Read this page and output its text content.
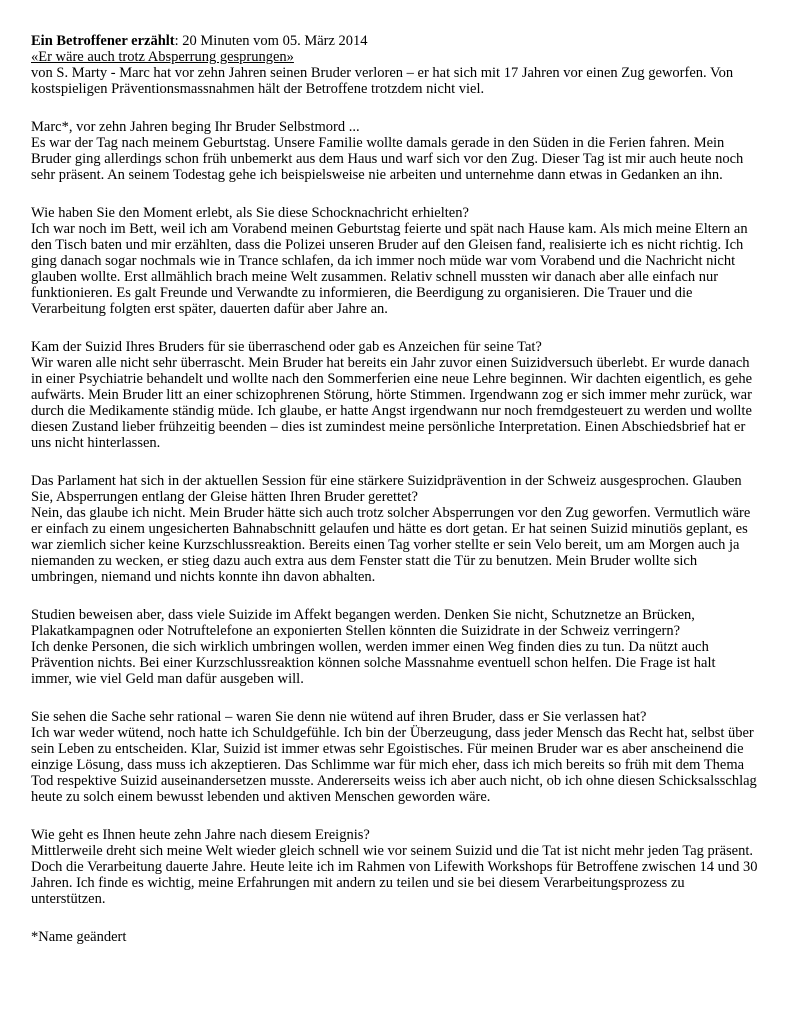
Ein Betroffener erzählt: 20 Minuten vom 05. März 2014

«Er wäre auch trotz Absperrung gesprungen»

von S. Marty - Marc hat vor zehn Jahren seinen Bruder verloren – er hat sich mit 17 Jahren vor einen Zug geworfen. Von kostspieligen Präventionsmassnahmen hält der Betroffene trotzdem nicht viel.

Marc*, vor zehn Jahren beging Ihr Bruder Selbstmord ...

Es war der Tag nach meinem Geburtstag. Unsere Familie wollte damals gerade in den Süden in die Ferien fahren. Mein Bruder ging allerdings schon früh unbemerkt aus dem Haus und warf sich vor den Zug. Dieser Tag ist mir auch heute noch sehr präsent. An seinem Todestag gehe ich beispielsweise nie arbeiten und unternehme dann etwas in Gedanken an ihn.

Wie haben Sie den Moment erlebt, als Sie diese Schocknachricht erhielten?

Ich war noch im Bett, weil ich am Vorabend meinen Geburtstag feierte und spät nach Hause kam. Als mich meine Eltern an den Tisch baten und mir erzählten, dass die Polizei unseren Bruder auf den Gleisen fand, realisierte ich es nicht richtig. Ich ging danach sogar nochmals wie in Trance schlafen, da ich immer noch müde war vom Vorabend und die Nachricht nicht glauben wollte. Erst allmählich brach meine Welt zusammen. Relativ schnell mussten wir danach aber alle einfach nur funktionieren. Es galt Freunde und Verwandte zu informieren, die Beerdigung zu organisieren. Die Trauer und die Verarbeitung folgten erst später, dauerten dafür aber Jahre an.

Kam der Suizid Ihres Bruders für sie überraschend oder gab es Anzeichen für seine Tat?

Wir waren alle nicht sehr überrascht. Mein Bruder hat bereits ein Jahr zuvor einen Suizidversuch überlebt. Er wurde danach in einer Psychiatrie behandelt und wollte nach den Sommerferien eine neue Lehre beginnen. Wir dachten eigentlich, es gehe aufwärts. Mein Bruder litt an einer schizophrenen Störung, hörte Stimmen. Irgendwann zog er sich immer mehr zurück, war durch die Medikamente ständig müde. Ich glaube, er hatte Angst irgendwann nur noch fremdgesteuert zu werden und wollte diesen Zustand lieber frühzeitig beenden – dies ist zumindest meine persönliche Interpretation. Einen Abschiedsbrief hat er uns nicht hinterlassen.

Das Parlament hat sich in der aktuellen Session für eine stärkere Suizidprävention in der Schweiz ausgesprochen. Glauben Sie, Absperrungen entlang der Gleise hätten Ihren Bruder gerettet?

Nein, das glaube ich nicht. Mein Bruder hätte sich auch trotz solcher Absperrungen vor den Zug geworfen. Vermutlich wäre er einfach zu einem ungesicherten Bahnabschnitt gelaufen und hätte es dort getan. Er hat seinen Suizid minutiös geplant, es war ziemlich sicher keine Kurzschlussreaktion. Bereits einen Tag vorher stellte er sein Velo bereit, um am Morgen auch ja niemanden zu wecken, er stieg dazu auch extra aus dem Fenster statt die Tür zu benutzen. Mein Bruder wollte sich umbringen, niemand und nichts konnte ihn davon abhalten.

Studien beweisen aber, dass viele Suizide im Affekt begangen werden. Denken Sie nicht, Schutznetze an Brücken, Plakatkampagnen oder Notruftelefone an exponierten Stellen könnten die Suizidrate in der Schweiz verringern?

Ich denke Personen, die sich wirklich umbringen wollen, werden immer einen Weg finden dies zu tun. Da nützt auch Prävention nichts. Bei einer Kurzschlussreaktion können solche Massnahme eventuell schon helfen. Die Frage ist halt immer, wie viel Geld man dafür ausgeben will.

Sie sehen die Sache sehr rational – waren Sie denn nie wütend auf ihren Bruder, dass er Sie verlassen hat?

Ich war weder wütend, noch hatte ich Schuldgefühle. Ich bin der Überzeugung, dass jeder Mensch das Recht hat, selbst über sein Leben zu entscheiden. Klar, Suizid ist immer etwas sehr Egoistisches. Für meinen Bruder war es aber anscheinend die einzige Lösung, dass muss ich akzeptieren. Das Schlimme war für mich eher, dass ich mich bereits so früh mit dem Thema Tod respektive Suizid auseinandersetzen musste. Andererseits weiss ich aber auch nicht, ob ich ohne diesen Schicksalsschlag heute zu solch einem bewusst lebenden und aktiven Menschen geworden wäre.

Wie geht es Ihnen heute zehn Jahre nach diesem Ereignis?

Mittlerweile dreht sich meine Welt wieder gleich schnell wie vor seinem Suizid und die Tat ist nicht mehr jeden Tag präsent. Doch die Verarbeitung dauerte Jahre. Heute leite ich im Rahmen von Lifewith Workshops für Betroffene zwischen 14 und 30 Jahren. Ich finde es wichtig, meine Erfahrungen mit andern zu teilen und sie bei diesem Verarbeitungsprozess zu unterstützen.

*Name geändert
